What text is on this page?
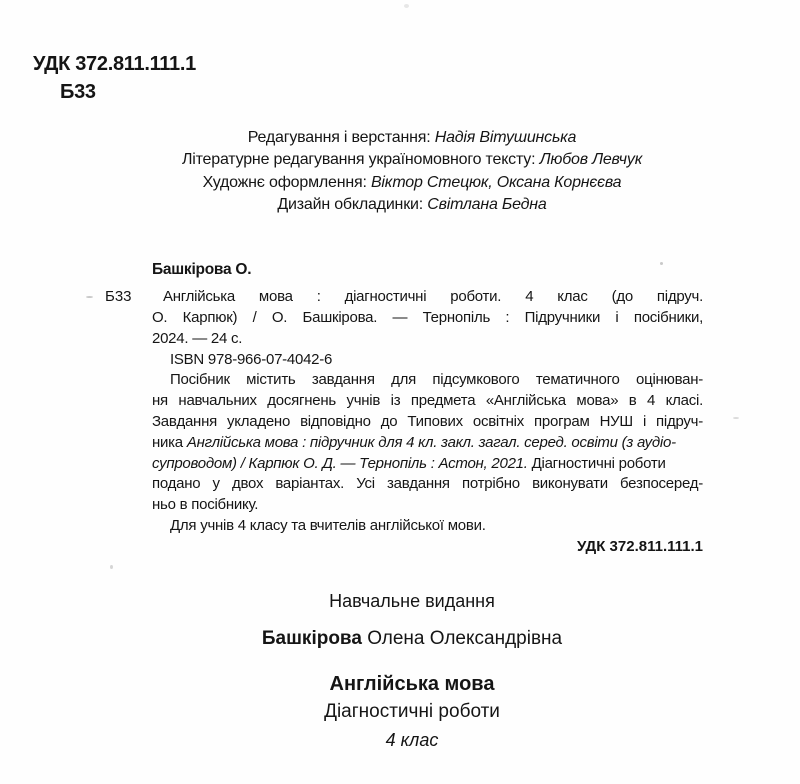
УДК 372.811.111.1
Б33
Редагування і верстання: Надія Вітушинська
Літературне редагування україномовного тексту: Любов Левчук
Художнє оформлення: Віктор Стецюк, Оксана Корнєєва
Дизайн обкладинки: Світлана Бедна
Башкірова О.
Б33 Англійська мова : діагностичні роботи. 4 клас (до підруч.
О. Карпюк) / О. Башкірова. — Тернопіль : Підручники і посібники,
2024. — 24 с.
ISBN 978-966-07-4042-6
Посібник містить завдання для підсумкового тематичного оцінюван-
ня навчальних досягнень учнів із предмета «Англійська мова» в 4 класі.
Завдання укладено відповідно до Типових освітніх програм НУШ і підруч-
ника Англійська мова : підручник для 4 кл. закл. загал. серед. освіти (з аудіо-
супроводом) / Карпюк О. Д. — Тернопіль : Астон, 2021. Діагностичні роботи
подано у двох варіантах. Усі завдання потрібно виконувати безпосеред-
ньо в посібнику.
Для учнів 4 класу та вчителів англійської мови.
УДК 372.811.111.1
Навчальне видання
Башкірова Олена Олександрівна
Англійська мова
Діагностичні роботи
4 клас
